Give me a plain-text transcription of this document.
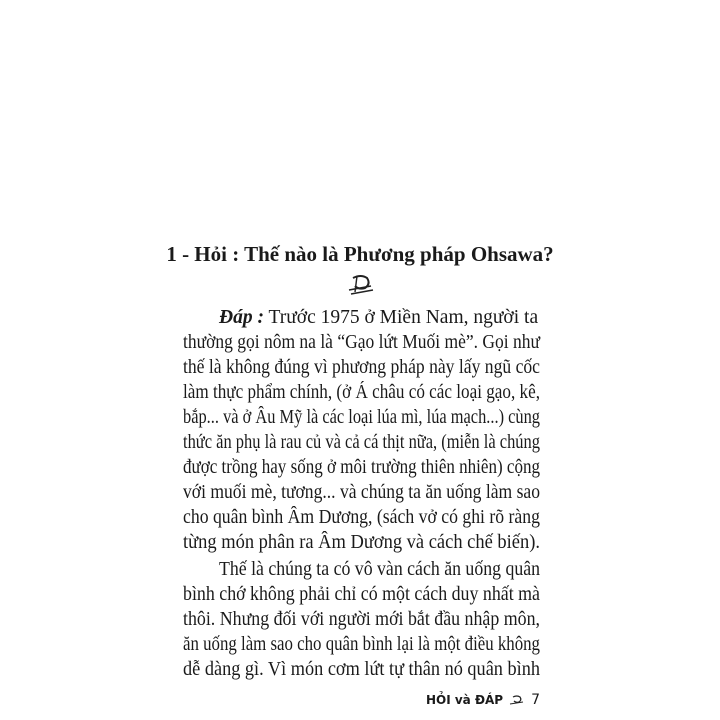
1 - Hỏi : Thế nào là Phương pháp Ohsawa?
Đáp : Trước 1975 ở Miền Nam, người ta
thường gọi nôm na là “Gạo lứt Muối mè”. Gọi như
thế là không đúng vì phương pháp này lấy ngũ cốc
làm thực phẩm chính, (ở Á châu có các loại gạo, kê,
bắp... và ở Âu Mỹ là các loại lúa mì, lúa mạch...) cùng
thức ăn phụ là rau củ và cả cá thịt nữa, (miễn là chúng
được trồng hay sống ở môi trường thiên nhiên) cộng
với muối mè, tương... và chúng ta ăn uống làm sao
cho quân bình Âm Dương, (sách vở có ghi rõ ràng
từng món phân ra Âm Dương và cách chế biến).
Thế là chúng ta có vô vàn cách ăn uống quân
bình chớ không phải chỉ có một cách duy nhất mà
thôi. Nhưng đối với người mới bắt đầu nhập môn,
ăn uống làm sao cho quân bình lại là một điều không
dễ dàng gì. Vì món cơm lứt tự thân nó quân bình
HỎI và ĐÁP 7
